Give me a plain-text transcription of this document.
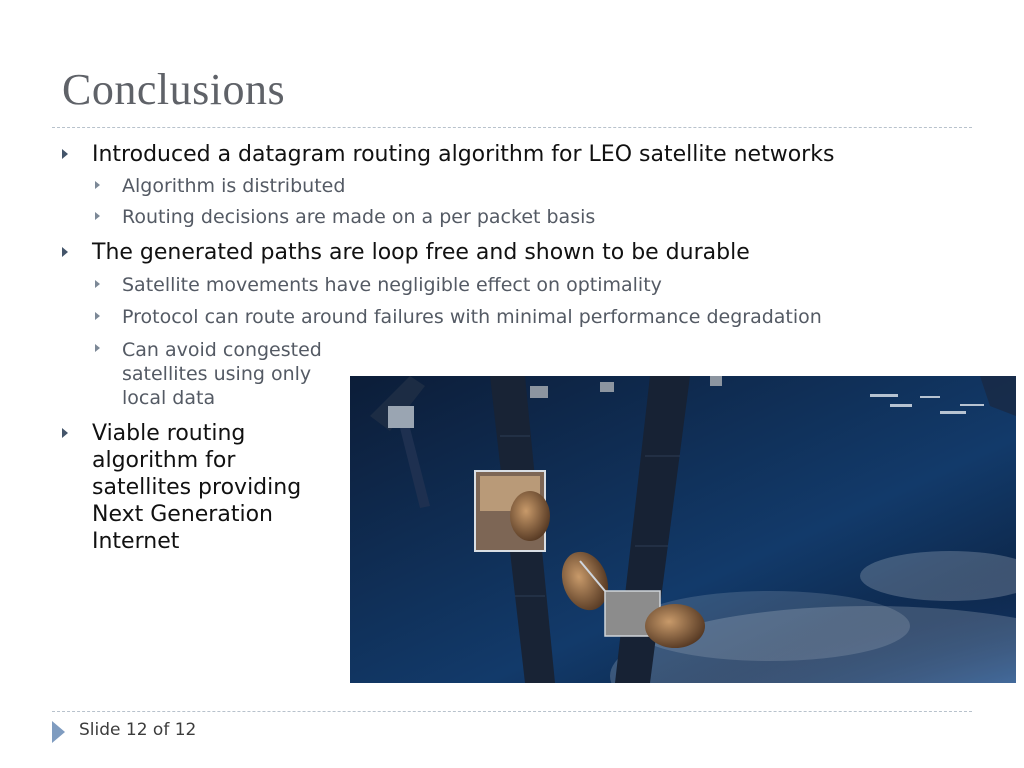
Conclusions
Introduced a datagram routing algorithm for LEO satellite networks
Algorithm is distributed
Routing decisions are made on a per packet basis
The generated paths are loop free and shown to be durable
Satellite movements have negligible effect on optimality
Protocol can route around failures with minimal performance degradation
Can avoid congested
satellites using only
local data
Viable routing
algorithm for
satellites providing
Next Generation
Internet
Slide 12 of 12
